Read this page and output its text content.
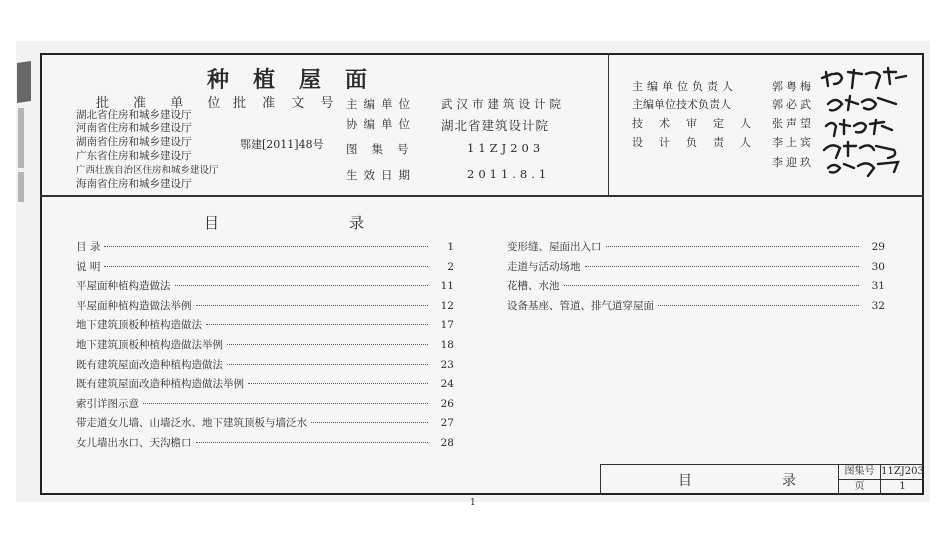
种　植　屋　面
批 准 单 位 批 准 文 号
湖北省住房和城乡建设厅
河南省住房和城乡建设厅
湖南省住房和城乡建设厅
广东省住房和城乡建设厅
广西壮族自治区住房和城乡建设厅
海南省住房和城乡建设厅
鄂建[2011]48号
主编单位 武汉市建筑设计院
协编单位 湖北省建筑设计院
图集号	11ZJ203
生效日期	2011.8.1
主编单位负责人	郭粤梅
主编单位技术负责人	郭必武
技术审定人 张声望
设计负责人 李上宾
李迎玖
目　　　　录
目 录	1
说 明	2
平屋面种植构造做法	11
平屋面种植构造做法举例	12
地下建筑顶板种植构造做法	17
地下建筑顶板种植构造做法举例	18
既有建筑屋面改造种植构造做法	23
既有建筑屋面改造种植构造做法举例	24
索引详图示意	26
带走道女儿墙、山墙泛水、地下建筑顶板与墙泛水	27
女儿墙出水口、天沟檐口	28
变形缝、屋面出入口	29
走道与活动场地	30
花槽、水池	31
设备基座、管道、排气道穿屋面	32
目　　　录
图集号 11ZJ203
页	1
1
